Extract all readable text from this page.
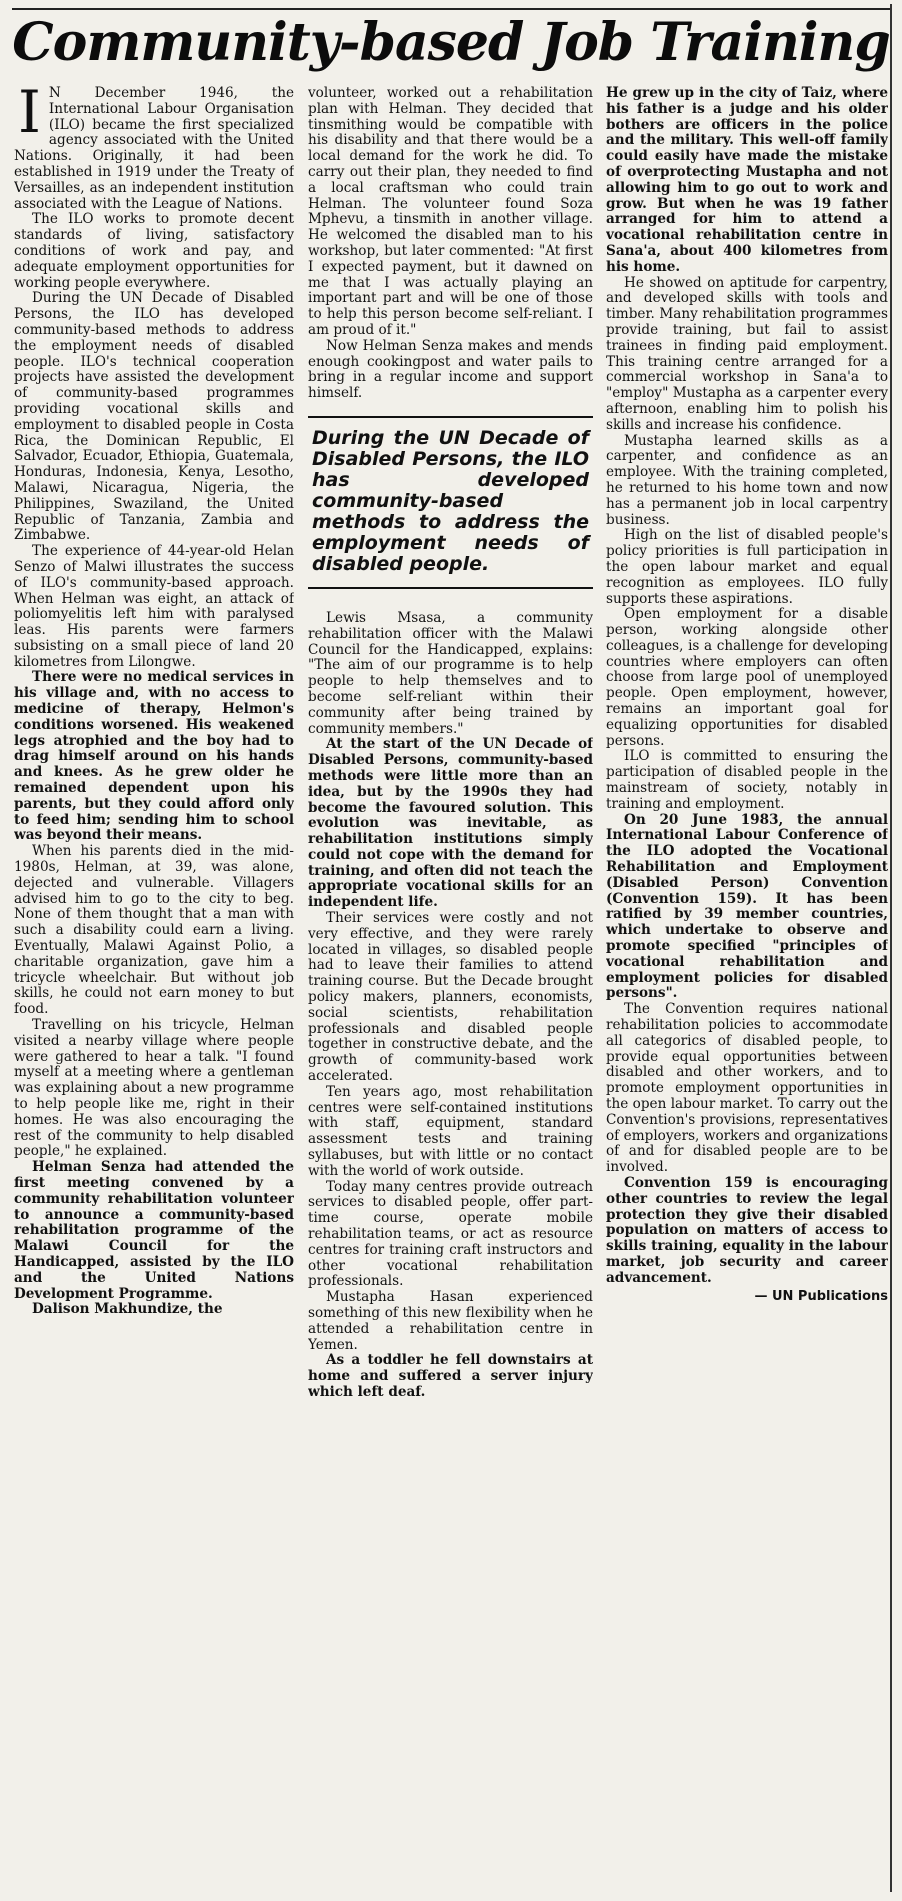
Community-based Job Training

I N December 1946, the International Labour Organisation (ILO) became the first specialized agency associated with the United Nations. Originally, it had been established in 1919 under the Treaty of Versailles, as an independent institution associated with the League of Nations.

The ILO works to promote decent standards of living, satisfactory conditions of work and pay, and adequate employment opportunities for working people everywhere.

During the UN Decade of Disabled Persons, the ILO has developed community-based methods to address the employment needs of disabled people. ILO's technical cooperation projects have assisted the development of community-based programmes providing vocational skills and employment to disabled people in Costa Rica, the Dominican Republic, El Salvador, Ecuador, Ethiopia, Guatemala, Honduras, Indonesia, Kenya, Lesotho, Malawi, Nicaragua, Nigeria, the Philippines, Swaziland, the United Republic of Tanzania, Zambia and Zimbabwe.

The experience of 44-year-old Helan Senzo of Malwi illustrates the success of ILO's community-based approach. When Helman was eight, an attack of poliomyelitis left him with paralysed leas. His parents were farmers subsisting on a small piece of land 20 kilometres from Lilongwe.

There were no medical services in his village and, with no access to medicine of therapy, Helmon's conditions worsened. His weakened legs atrophied and the boy had to drag himself around on his hands and knees. As he grew older he remained dependent upon his parents, but they could afford only to feed him; sending him to school was beyond their means.

When his parents died in the mid-1980s, Helman, at 39, was alone, dejected and vulnerable. Villagers advised him to go to the city to beg. None of them thought that a man with such a disability could earn a living. Eventually, Malawi Against Polio, a charitable organization, gave him a tricycle wheelchair. But without job skills, he could not earn money to but food.

Travelling on his tricycle, Helman visited a nearby village where people were gathered to hear a talk. "I found myself at a meeting where a gentleman was explaining about a new programme to help people like me, right in their homes. He was also encouraging the rest of the community to help disabled people," he explained.

Helman Senza had attended the first meeting convened by a community rehabilitation volunteer to announce a community-based rehabilitation programme of the Malawi Council for the Handicapped, assisted by the ILO and the United Nations Development Programme.

Dalison Makhundize, the

volunteer, worked out a rehabilitation plan with Helman. They decided that tinsmithing would be compatible with his disability and that there would be a local demand for the work he did. To carry out their plan, they needed to find a local craftsman who could train Helman. The volunteer found Soza Mphevu, a tinsmith in another village. He welcomed the disabled man to his workshop, but later commented: "At first I expected payment, but it dawned on me that I was actually playing an important part and will be one of those to help this person become self-reliant. I am proud of it."

Now Helman Senza makes and mends enough cookingpost and water pails to bring in a regular income and support himself.

During the UN Decade of Disabled Persons, the ILO has developed community-based methods to address the employment needs of disabled people.

Lewis Msasa, a community rehabilitation officer with the Malawi Council for the Handicapped, explains: "The aim of our programme is to help people to help themselves and to become self-reliant within their community after being trained by community members."

At the start of the UN Decade of Disabled Persons, community-based methods were little more than an idea, but by the 1990s they had become the favoured solution. This evolution was inevitable, as rehabilitation institutions simply could not cope with the demand for training, and often did not teach the appropriate vocational skills for an independent life.

Their services were costly and not very effective, and they were rarely located in villages, so disabled people had to leave their families to attend training course. But the Decade brought policy makers, planners, economists, social scientists, rehabilitation professionals and disabled people together in constructive debate, and the growth of community-based work accelerated.

Ten years ago, most rehabilitation centres were self-contained institutions with staff, equipment, standard assessment tests and training syllabuses, but with little or no contact with the world of work outside.

Today many centres provide outreach services to disabled people, offer part-time course, operate mobile rehabilitation teams, or act as resource centres for training craft instructors and other vocational rehabilitation professionals.

Mustapha Hasan experienced something of this new flexibility when he attended a rehabilitation centre in Yemen.

As a toddler he fell downstairs at home and suffered a server injury which left deaf.

He grew up in the city of Taiz, where his father is a judge and his older bothers are officers in the police and the military. This well-off family could easily have made the mistake of overprotecting Mustapha and not allowing him to go out to work and grow. But when he was 19 father arranged for him to attend a vocational rehabilitation centre in Sana'a, about 400 kilometres from his home.

He showed on aptitude for carpentry, and developed skills with tools and timber. Many rehabilitation programmes provide training, but fail to assist trainees in finding paid employment. This training centre arranged for a commercial workshop in Sana'a to "employ" Mustapha as a carpenter every afternoon, enabling him to polish his skills and increase his confidence.

Mustapha learned skills as a carpenter, and confidence as an employee. With the training completed, he returned to his home town and now has a permanent job in local carpentry business.

High on the list of disabled people's policy priorities is full participation in the open labour market and equal recognition as employees. ILO fully supports these aspirations.

Open employment for a disable person, working alongside other colleagues, is a challenge for developing countries where employers can often choose from large pool of unemployed people. Open employment, however, remains an important goal for equalizing opportunities for disabled persons.

ILO is committed to ensuring the participation of disabled people in the mainstream of society, notably in training and employment.

On 20 June 1983, the annual International Labour Conference of the ILO adopted the Vocational Rehabilitation and Employment (Disabled Person) Convention (Convention 159). It has been ratified by 39 member countries, which undertake to observe and promote specified "principles of vocational rehabilitation and employment policies for disabled persons".

The Convention requires national rehabilitation policies to accommodate all categorics of disabled people, to provide equal opportunities between disabled and other workers, and to promote employment opportunities in the open labour market. To carry out the Convention's provisions, representatives of employers, workers and organizations of and for disabled people are to be involved.

Convention 159 is encouraging other countries to review the legal protection they give their disabled population on matters of access to skills training, equality in the labour market, job security and career advancement.

— UN Publications
